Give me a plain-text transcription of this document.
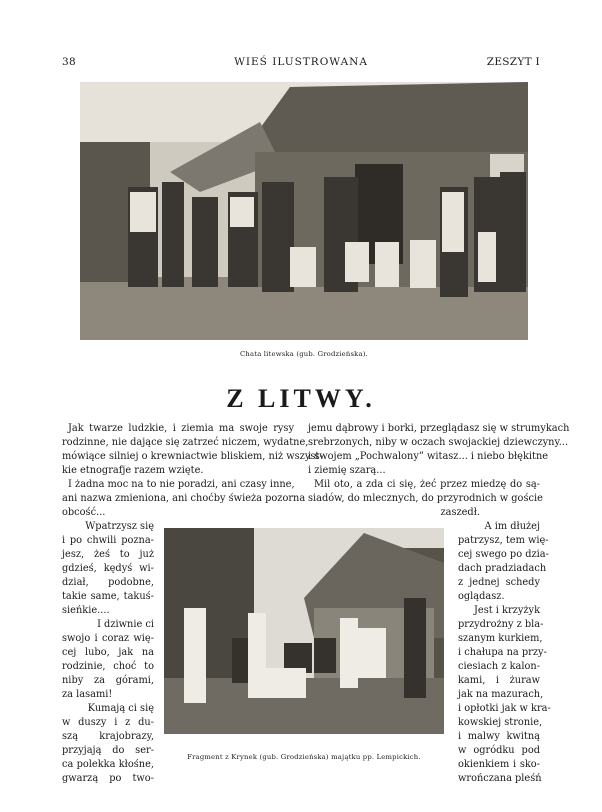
38	WIEŚ ILUSTROWANA	ZESZYT I
Chata litewska (gub. Grodzieńska).
Z LITWY.
Jak twarze ludzkie, i ziemia ma swoje rysy
rodzinne, nie dające się zatrzeć niczem, wydatne,
mówiące silniej o krewniactwie bliskiem, niż wszyst-
kie etnografje razem wzięte.
I żadna moc na to nie poradzi, ani czasy inne,
ani nazwa zmieniona, ani choćby świeża pozorna
obcość...
Wpatrzysz się
i po chwili pozna-
jesz, żeś to już
gdzieś, kędyś wi-
dział, podobne,
takie same, takuś-
sieńkie....
I dziwnie ci
swojo i coraz wię-
cej lubo, jak na
rodzinie, choć to
niby za górami,
za lasami!
Kumają ci się
w duszy i z du-
szą krajobrazy,
przyjają do ser-
ca polekka kłośne,
gwarzą po two-
jemu dąbrowy i borki, przeglądasz się w strumykach
srebrzonych, niby w oczach swojackiej dziewczyny...
i swojem „Pochwalony” witasz... i niebo błękitne
i ziemię szarą...
Mil oto, a zda ci się, żeć przez miedzę do są-
siadów, do mlecznych, do przyrodnich w goście
zaszedł.
A im dłużej
patrzysz, tem wię-
cej swego po dzia-
dach pradziadach
z jednej schedy
oglądasz.
Jest i krzyżyk
przydrożny z bla-
szanym kurkiem,
i chałupa na przy-
ciesiach z kalon-
kami, i żuraw
jak na mazurach,
i opłotki jak w kra-
kowskiej stronie,
i malwy kwitną
w ogródku pod
okienkiem i sko-
wrończana pleśń
Fragment z Krynek (gub. Grodzieńska) majątku pp. Lempickich.
